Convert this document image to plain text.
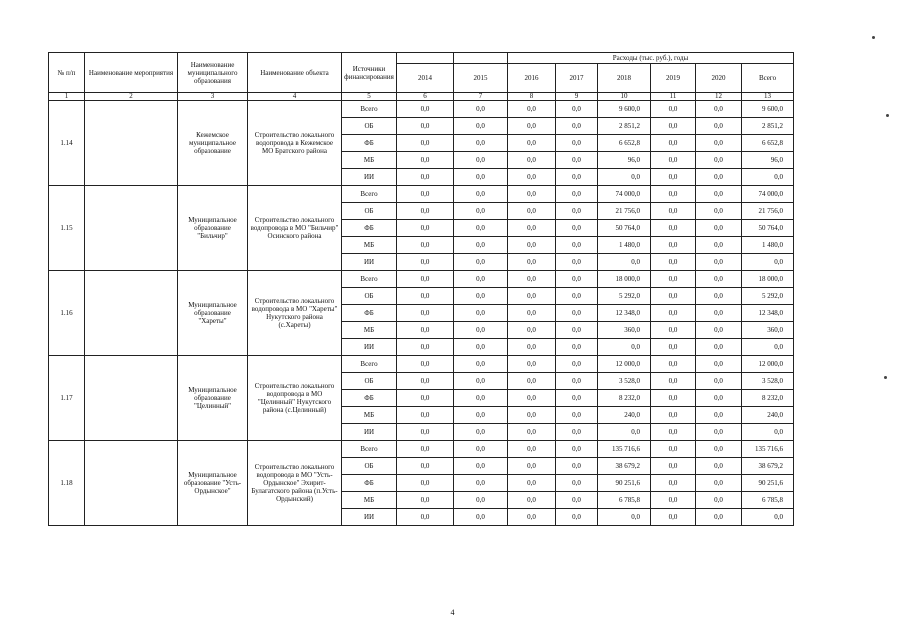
№ п/п	Наименование мероприятия	Наименование муниципального образования	Наименование объекта	Источники финансирования			Расходы (тыс. руб.), годы					
					2014	2015	2016	2017	2018	2019	2020	Всего
1	2	3	4	5	6	7	8	9	10	11	12	13
1.14		Кежемское муниципальное образование	Строительство локального водопровода в Кежемское МО Братского района	Всего	0,0	0,0	0,0	0,0	9 600,0	0,0	0,0	9 600,0
				ОБ	0,0	0,0	0,0	0,0	2 851,2	0,0	0,0	2 851,2
				ФБ	0,0	0,0	0,0	0,0	6 652,8	0,0	0,0	6 652,8
				МБ	0,0	0,0	0,0	0,0	96,0	0,0	0,0	96,0
				ИИ	0,0	0,0	0,0	0,0	0,0	0,0	0,0	0,0
1.15		Муниципальное образование "Бильчир"	Строительство локального водопровода в МО "Бильчир" Осинского района	Всего	0,0	0,0	0,0	0,0	74 000,0	0,0	0,0	74 000,0
				ОБ	0,0	0,0	0,0	0,0	21 756,0	0,0	0,0	21 756,0
				ФБ	0,0	0,0	0,0	0,0	50 764,0	0,0	0,0	50 764,0
				МБ	0,0	0,0	0,0	0,0	1 480,0	0,0	0,0	1 480,0
				ИИ	0,0	0,0	0,0	0,0	0,0	0,0	0,0	0,0
1.16		Муниципальное образование "Хареты"	Строительство локального водопровода в МО "Хареты" Нукутского района (с.Хареты)	Всего	0,0	0,0	0,0	0,0	18 000,0	0,0	0,0	18 000,0
				ОБ	0,0	0,0	0,0	0,0	5 292,0	0,0	0,0	5 292,0
				ФБ	0,0	0,0	0,0	0,0	12 348,0	0,0	0,0	12 348,0
				МБ	0,0	0,0	0,0	0,0	360,0	0,0	0,0	360,0
				ИИ	0,0	0,0	0,0	0,0	0,0	0,0	0,0	0,0
1.17		Муниципальное образование "Целинный"	Строительство локального водопровода в МО "Целинный" Нукутского района (с.Целинный)	Всего	0,0	0,0	0,0	0,0	12 000,0	0,0	0,0	12 000,0
				ОБ	0,0	0,0	0,0	0,0	3 528,0	0,0	0,0	3 528,0
				ФБ	0,0	0,0	0,0	0,0	8 232,0	0,0	0,0	8 232,0
				МБ	0,0	0,0	0,0	0,0	240,0	0,0	0,0	240,0
				ИИ	0,0	0,0	0,0	0,0	0,0	0,0	0,0	0,0
1.18		Муниципальное образование "Усть-Ордынское"	Строительство локального водопровода в МО "Усть-Ордынское" Эхирит-Булагатского района (п.Усть-Ордынский)	Всего	0,0	0,0	0,0	0,0	135 716,6	0,0	0,0	135 716,6
				ОБ	0,0	0,0	0,0	0,0	38 679,2	0,0	0,0	38 679,2
				ФБ	0,0	0,0	0,0	0,0	90 251,6	0,0	0,0	90 251,6
				МБ	0,0	0,0	0,0	0,0	6 785,8	0,0	0,0	6 785,8
				ИИ	0,0	0,0	0,0	0,0	0,0	0,0	0,0	0,0
4
